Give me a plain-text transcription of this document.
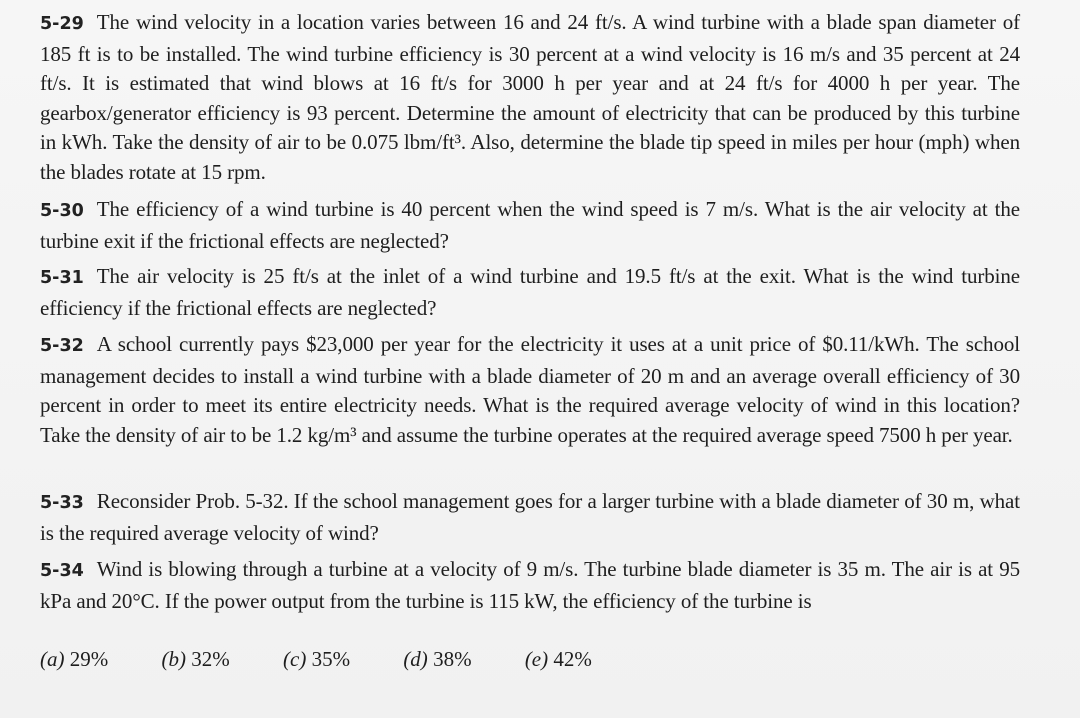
5-29 The wind velocity in a location varies between 16 and 24 ft/s. A wind turbine with a blade span diameter of 185 ft is to be installed. The wind turbine efficiency is 30 percent at a wind velocity is 16 m/s and 35 percent at 24 ft/s. It is estimated that wind blows at 16 ft/s for 3000 h per year and at 24 ft/s for 4000 h per year. The gearbox/generator efficiency is 93 percent. Determine the amount of electricity that can be produced by this turbine in kWh. Take the density of air to be 0.075 lbm/ft³. Also, determine the blade tip speed in miles per hour (mph) when the blades rotate at 15 rpm.
5-30 The efficiency of a wind turbine is 40 percent when the wind speed is 7 m/s. What is the air velocity at the turbine exit if the frictional effects are neglected?
5-31 The air velocity is 25 ft/s at the inlet of a wind turbine and 19.5 ft/s at the exit. What is the wind turbine efficiency if the frictional effects are neglected?
5-32 A school currently pays $23,000 per year for the electricity it uses at a unit price of $0.11/kWh. The school management decides to install a wind turbine with a blade diameter of 20 m and an average overall efficiency of 30 percent in order to meet its entire electricity needs. What is the required average velocity of wind in this location? Take the density of air to be 1.2 kg/m³ and assume the turbine operates at the required average speed 7500 h per year.
5-33 Reconsider Prob. 5-32. If the school management goes for a larger turbine with a blade diameter of 30 m, what is the required average velocity of wind?
5-34 Wind is blowing through a turbine at a velocity of 9 m/s. The turbine blade diameter is 35 m. The air is at 95 kPa and 20°C. If the power output from the turbine is 115 kW, the efficiency of the turbine is
(a) 29%	(b) 32%	(c) 35%	(d) 38%	(e) 42%
